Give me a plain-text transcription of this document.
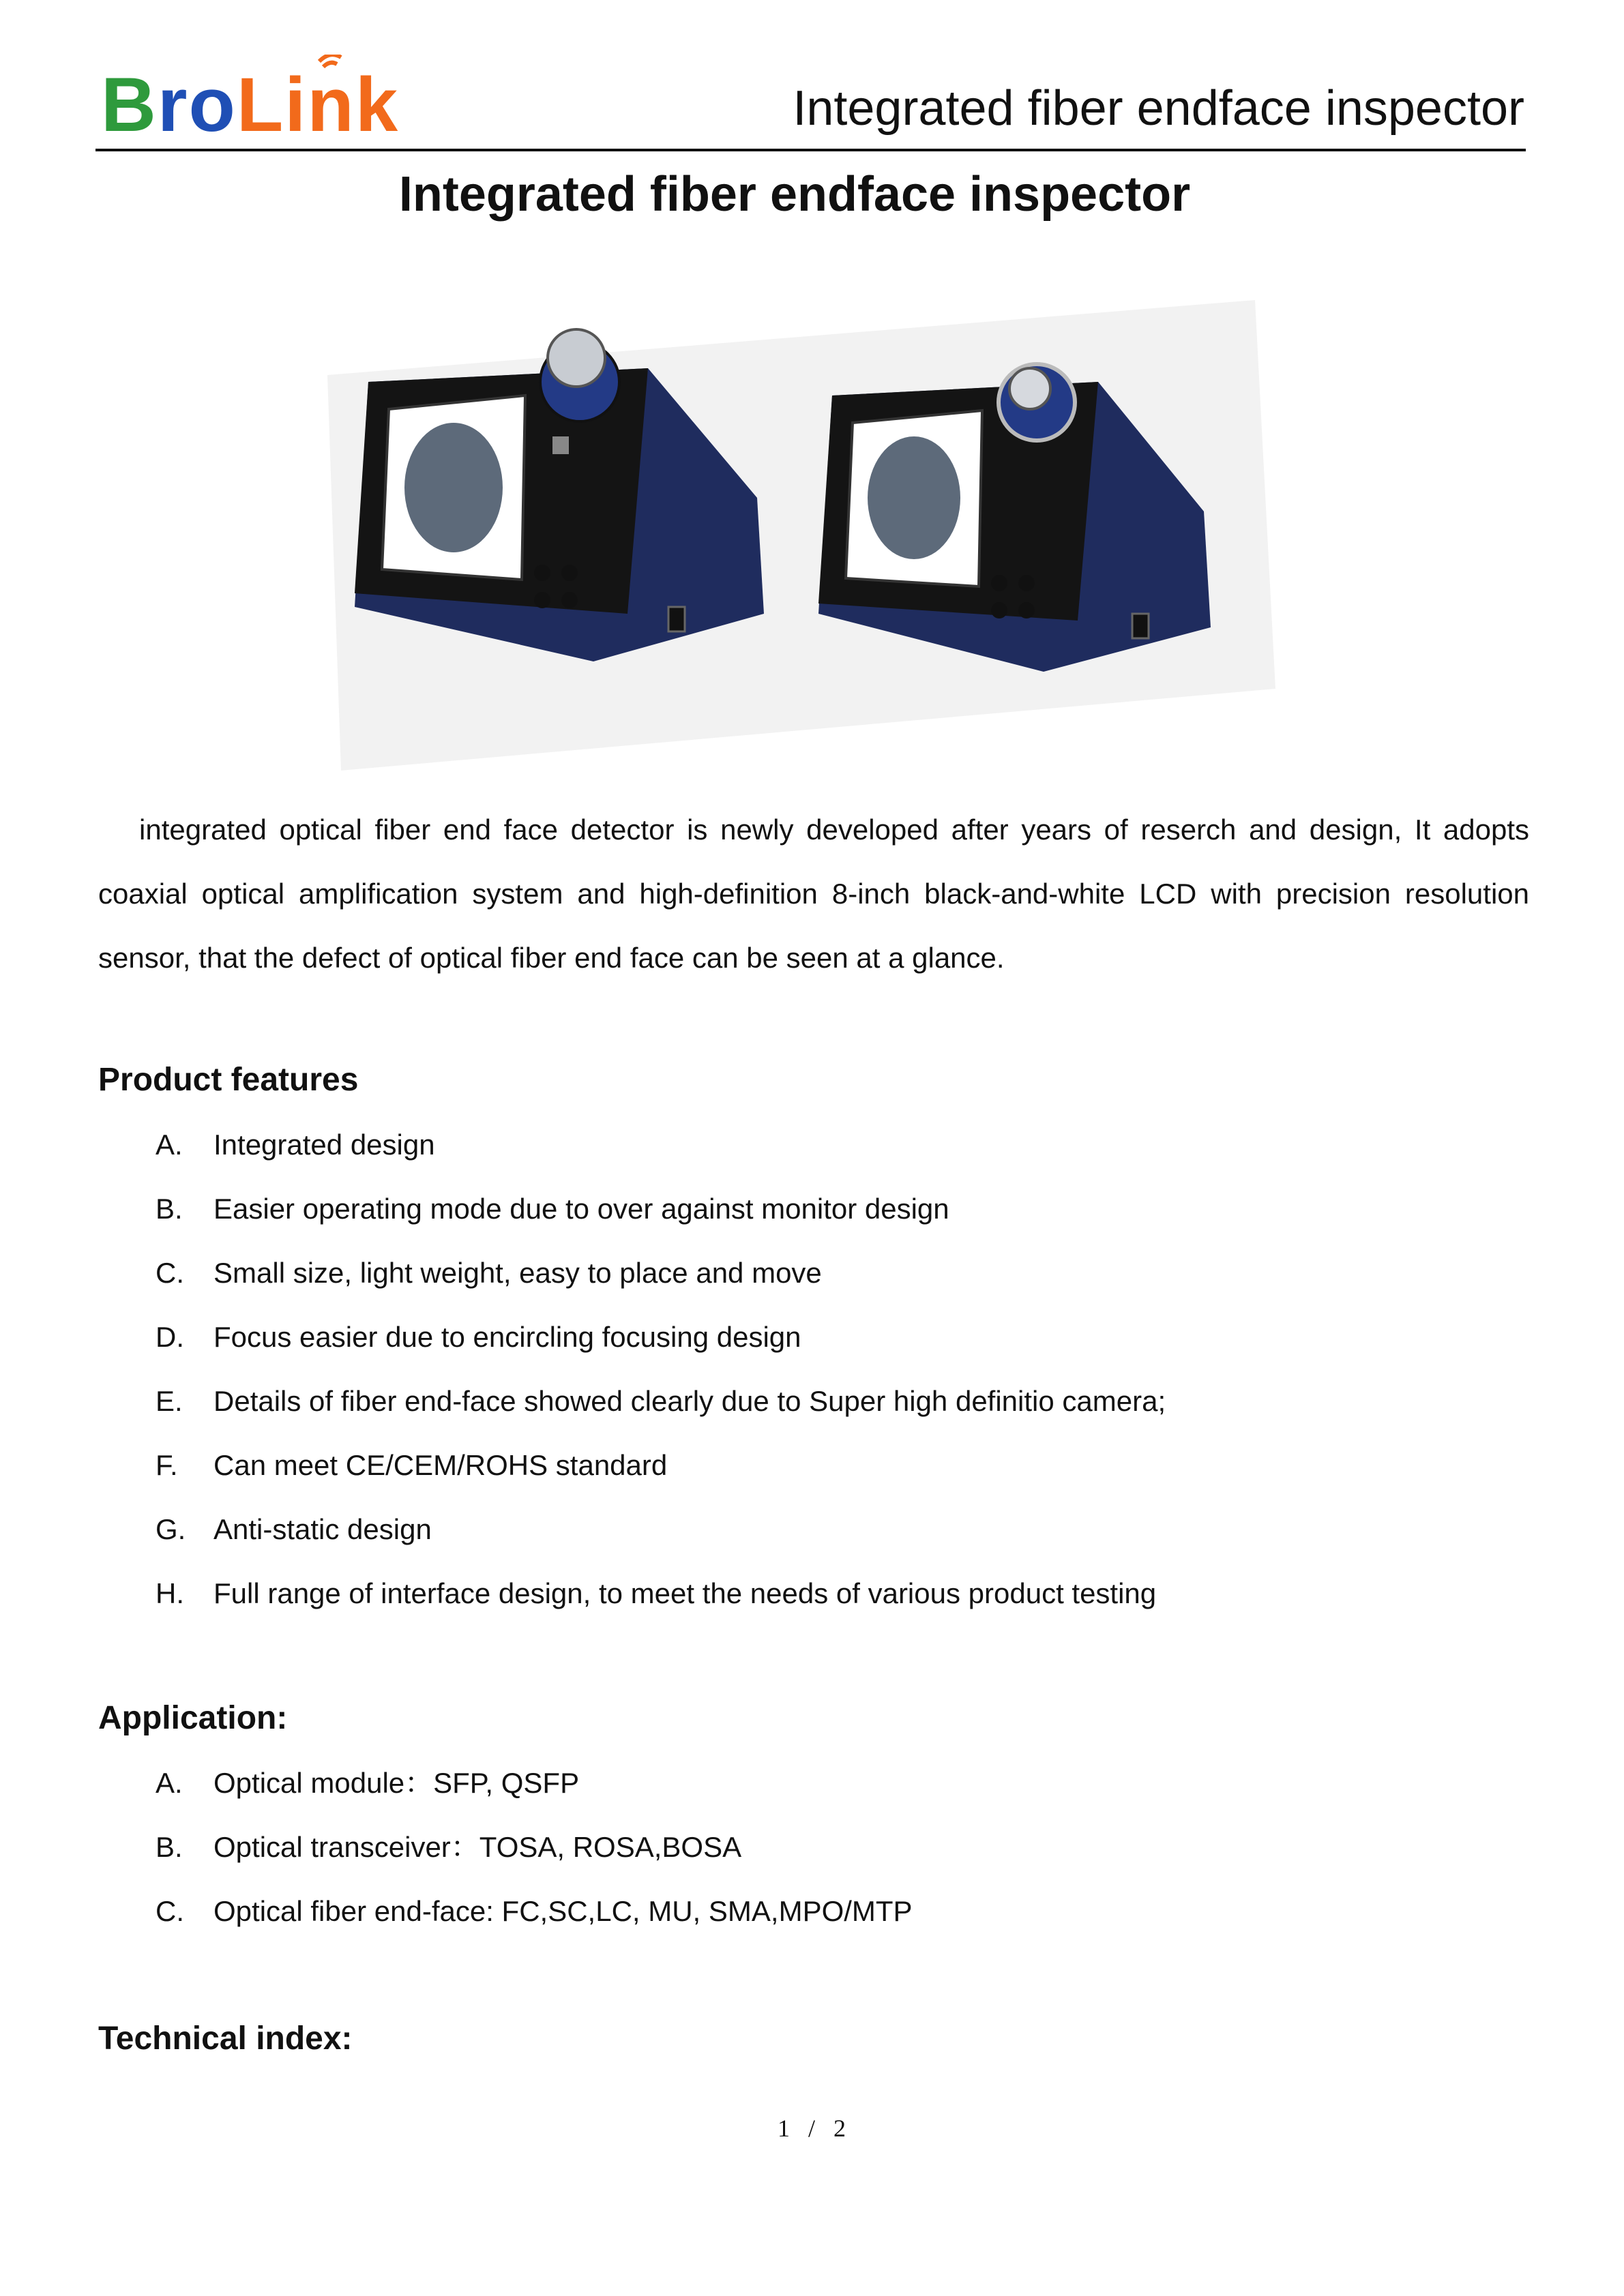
BroLink	Integrated fiber endface inspector
Integrated fiber endface inspector

integrated optical fiber end face detector is newly developed after years of reserch and design, It adopts coaxial optical amplification system and high-definition 8-inch black-and-white LCD with precision resolution sensor, that the defect of optical fiber end face can be seen at a glance.

Product features
A. Integrated design
B. Easier operating mode due to over against monitor design
C. Small size, light weight, easy to place and move
D. Focus easier due to encircling focusing design
E. Details of fiber end-face showed clearly due to Super high definitio camera;
F. Can meet CE/CEM/ROHS standard
G. Anti-static design
H. Full range of interface design, to meet the needs of various product testing
Application:
A. Optical module：SFP, QSFP
B. Optical transceiver：TOSA, ROSA,BOSA
C. Optical fiber end-face: FC,SC,LC, MU, SMA,MPO/MTP
Technical index:
1   /   2
